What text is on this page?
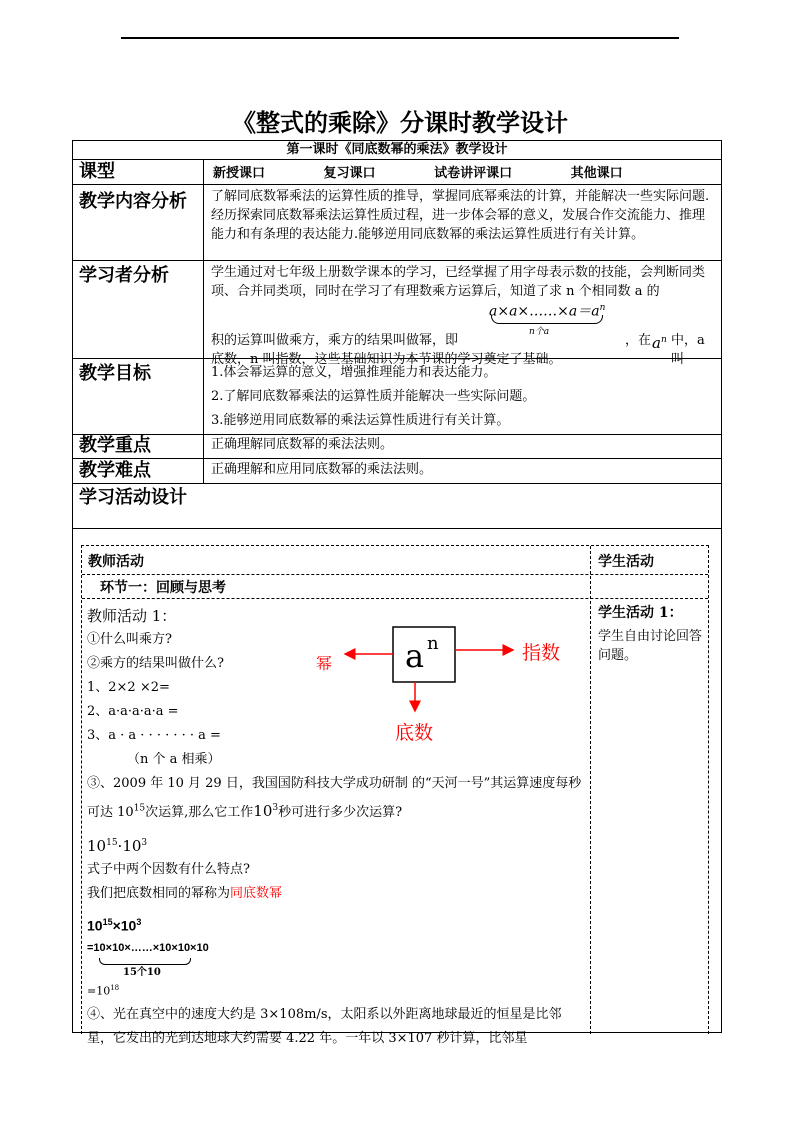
《整式的乘除》分课时教学设计
第一课时《同底数幂的乘法》教学设计
课型	新授课口	复习课口	试卷讲评课口	其他课口
教学内容分析 了解同底数幂乘法的运算性质的推导，掌握同底幂乘法的计算，并能解决一些实际问题.经历探索同底数幂乘法运算性质过程，进一步体会幂的意义，发展合作交流能力、推理能力和有条理的表达能力.能够逆用同底数幂的乘法运算性质进行有关计算。
学习者分析	学生通过对七年级上册数学课本的学习，已经掌握了用字母表示数的技能，会判断同类项、合并同类项，同时在学习了有理数乘方运算后，知道了求 n 个相同数 a 的
$a\times a\times\dots\dots\times a=a^n$
n个a
积的运算叫做乘方，乘方的结果叫做幂，即	，在 $a^n$ 中，a 叫
底数，n 叫指数，这些基础知识为本节课的学习奠定了基础。
教学目标	1.体会幂运算的意义，增强推理能力和表达能力。
2.了解同底数幂乘法的运算性质并能解决一些实际问题。
3.能够逆用同底数幂的乘法运算性质进行有关计算。
教学重点	正确理解同底数幂的乘法法则。
教学难点	正确理解和应用同底数幂的乘法法则。
学习活动设计
教师活动	学生活动
环节一：回顾与思考

教师活动 1：

①什么叫乘方?

②乘方的结果叫做什么?

1、2×2 ×2=

2、a·a·a·a·a =

3、a · a · · · · · · · a =

（n 个 a 相乘）

③、2009 年 10 月 29 日，我国国防科技大学成功研制 的“天河一号”其运算速度每秒可达 $10^{15}$次运算,那么它工作$10^3$秒可进行多少次运算?

$10^{15}\cdot 10^3$

式子中两个因数有什么特点?

我们把底数相同的幂称为同底数幂

$10^{15}\times 10^3$

=10×10×……×10×10×10

15个10

$=10^{18}$

④、光在真空中的速度大约是 3×108m/s，太阳系以外距离地球最近的恒星是比邻星，它发出的光到达地球大约需要 4.22 年。一年以 3×107 秒计算，比邻星

学生活动 1：
学生自由讨论回答问题。
a n
幂	指数
底数
